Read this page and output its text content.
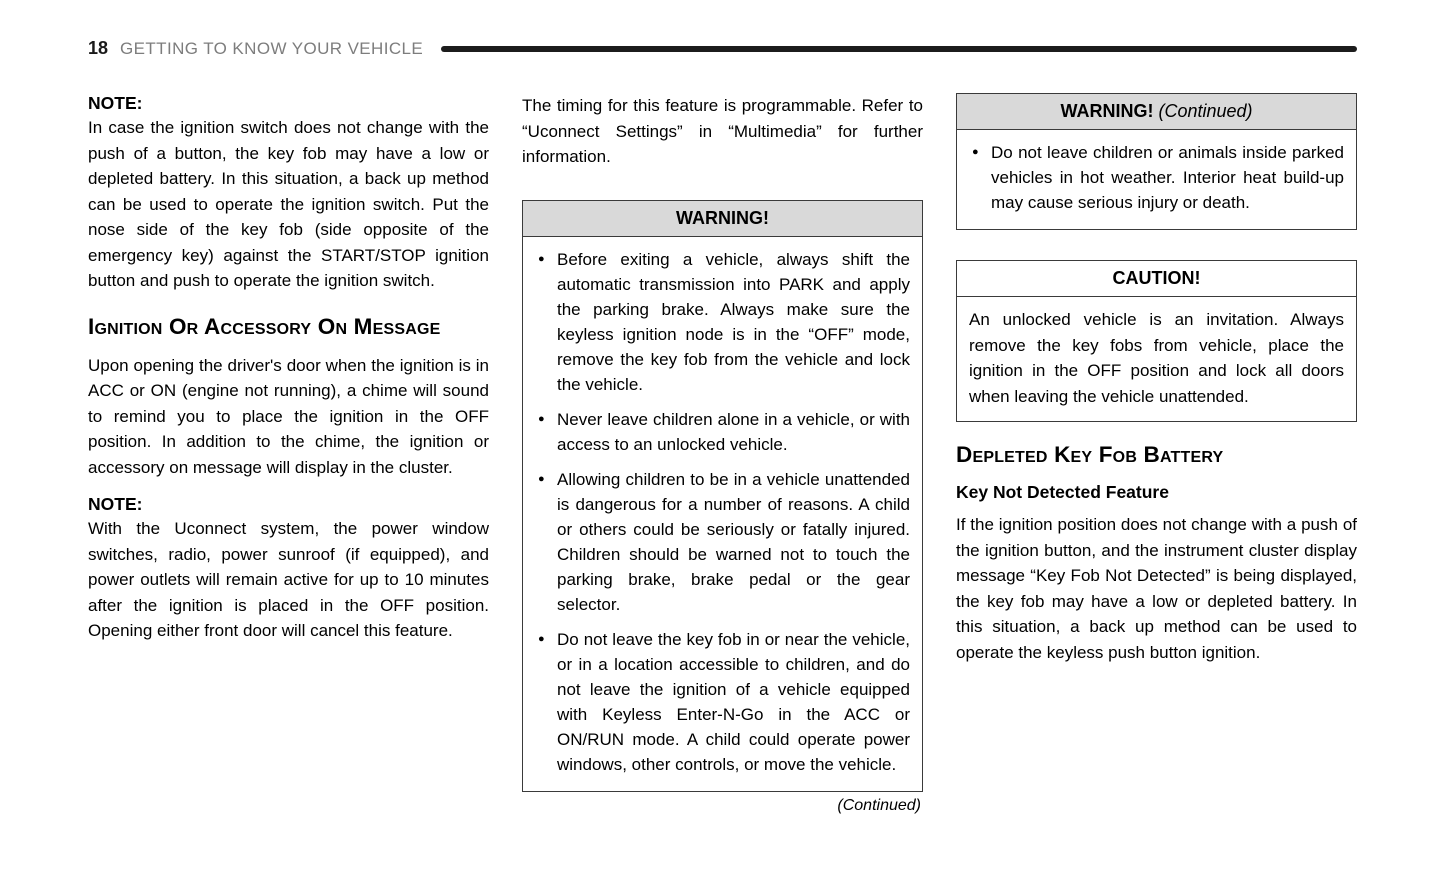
18 GETTING TO KNOW YOUR VEHICLE

NOTE:

In case the ignition switch does not change with the push of a button, the key fob may have a low or depleted battery. In this situation, a back up method can be used to operate the ignition switch. Put the nose side of the key fob (side opposite of the emergency key) against the START/STOP ignition button and push to operate the ignition switch.

Ignition Or Accessory On Message

Upon opening the driver's door when the ignition is in ACC or ON (engine not running), a chime will sound to remind you to place the ignition in the OFF position. In addition to the chime, the ignition or accessory on message will display in the cluster.

NOTE:

With the Uconnect system, the power window switches, radio, power sunroof (if equipped), and power outlets will remain active for up to 10 minutes after the ignition is placed in the OFF position. Opening either front door will cancel this feature.

The timing for this feature is programmable. Refer to “Uconnect Settings” in “Multimedia” for further information.

WARNING!
● Before exiting a vehicle, always shift the automatic transmission into PARK and apply the parking brake. Always make sure the keyless ignition node is in the “OFF” mode, remove the key fob from the vehicle and lock the vehicle.
● Never leave children alone in a vehicle, or with access to an unlocked vehicle.
● Allowing children to be in a vehicle unattended is dangerous for a number of reasons. A child or others could be seriously or fatally injured. Children should be warned not to touch the parking brake, brake pedal or the gear selector.
● Do not leave the key fob in or near the vehicle, or in a location accessible to children, and do not leave the ignition of a vehicle equipped with Keyless Enter-N-Go in the ACC or ON/RUN mode. A child could operate power windows, other controls, or move the vehicle.

(Continued)

WARNING! (Continued)
● Do not leave children or animals inside parked vehicles in hot weather. Interior heat build-up may cause serious injury or death.
CAUTION!

An unlocked vehicle is an invitation. Always remove the key fobs from vehicle, place the ignition in the OFF position and lock all doors when leaving the vehicle unattended.

Depleted Key Fob Battery
Key Not Detected Feature

If the ignition position does not change with a push of the ignition button, and the instrument cluster display message “Key Fob Not Detected” is being displayed, the key fob may have a low or depleted battery. In this situation, a back up method can be used to operate the keyless push button ignition.
